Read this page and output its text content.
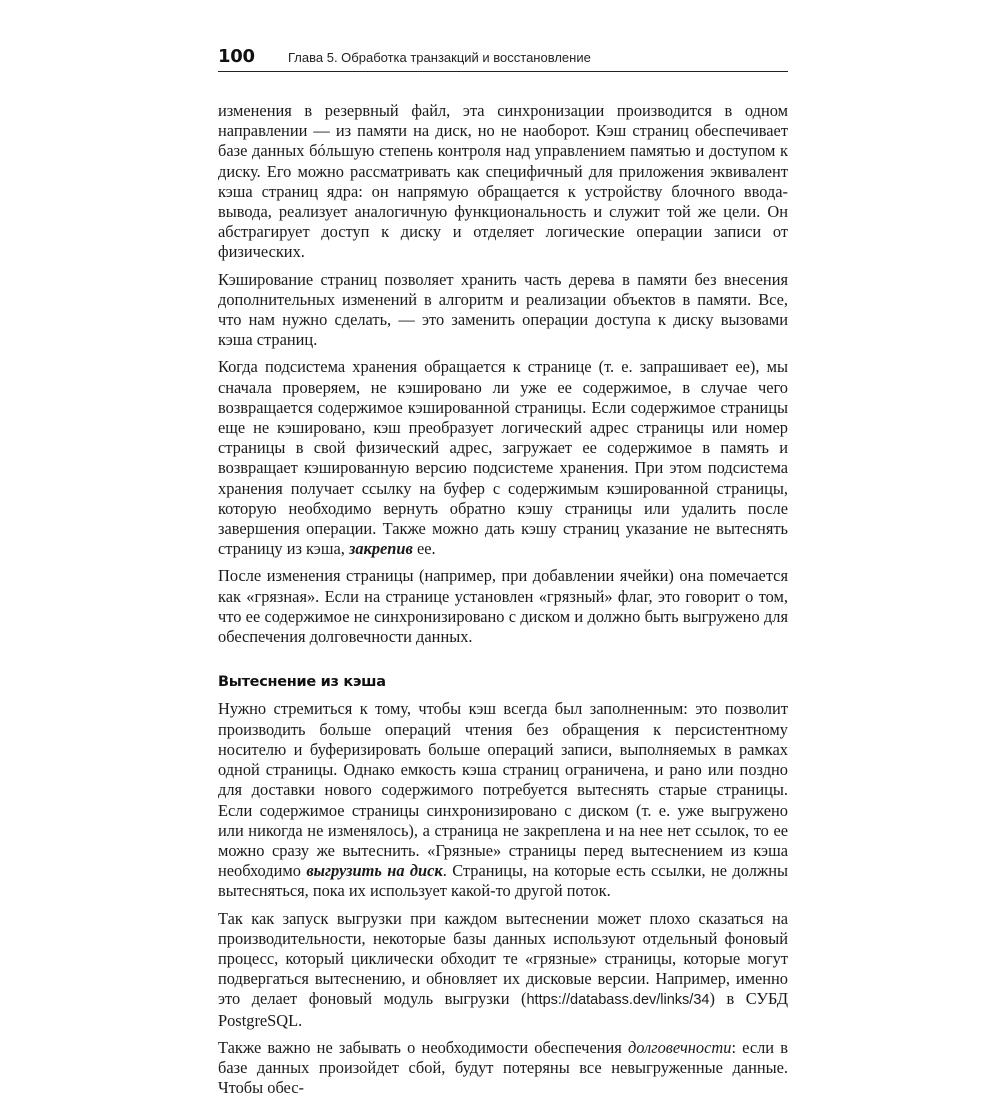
100	Глава 5. Обработка транзакций и восстановление

изменения в резервный файл, эта синхронизации производится в одном направлении — из памяти на диск, но не наоборот. Кэш страниц обеспечивает базе данных бóльшую степень контроля над управлением памятью и доступом к диску. Его можно рассматривать как специфичный для приложения эквивалент кэша страниц ядра: он напрямую обращается к устройству блочного ввода-вывода, реализует аналогичную функциональность и служит той же цели. Он абстрагирует доступ к диску и отделяет логические операции записи от физических.

Кэширование страниц позволяет хранить часть дерева в памяти без внесения дополнительных изменений в алгоритм и реализации объектов в памяти. Все, что нам нужно сделать, — это заменить операции доступа к диску вызовами кэша страниц.

Когда подсистема хранения обращается к странице (т. е. запрашивает ее), мы сначала проверяем, не кэшировано ли уже ее содержимое, в случае чего возвращается содержимое кэшированной страницы. Если содержимое страницы еще не кэшировано, кэш преобразует логический адрес страницы или номер страницы в свой физический адрес, загружает ее содержимое в память и возвращает кэшированную версию подсистеме хранения. При этом подсистема хранения получает ссылку на буфер с содержимым кэшированной страницы, которую необходимо вернуть обратно кэшу страницы или удалить после завершения операции. Также можно дать кэшу страниц указание не вытеснять страницу из кэша, закрепив ее.

После изменения страницы (например, при добавлении ячейки) она помечается как «грязная». Если на странице установлен «грязный» флаг, это говорит о том, что ее содержимое не синхронизировано с диском и должно быть выгружено для обеспечения долговечности данных.

Вытеснение из кэша

Нужно стремиться к тому, чтобы кэш всегда был заполненным: это позволит производить больше операций чтения без обращения к персистентному носителю и буферизировать больше операций записи, выполняемых в рамках одной страницы. Однако емкость кэша страниц ограничена, и рано или поздно для доставки нового содержимого потребуется вытеснять старые страницы. Если содержимое страницы синхронизировано с диском (т. е. уже выгружено или никогда не изменялось), а страница не закреплена и на нее нет ссылок, то ее можно сразу же вытеснить. «Грязные» страницы перед вытеснением из кэша необходимо выгрузить на диск. Страницы, на которые есть ссылки, не должны вытесняться, пока их использует какой-то другой поток.

Так как запуск выгрузки при каждом вытеснении может плохо сказаться на производительности, некоторые базы данных используют отдельный фоновый процесс, который циклически обходит те «грязные» страницы, которые могут подвергаться вытеснению, и обновляет их дисковые версии. Например, именно это делает фоновый модуль выгрузки (https://databass.dev/links/34) в СУБД PostgreSQL.

Также важно не забывать о необходимости обеспечения долговечности: если в базе данных произойдет сбой, будут потеряны все невыгруженные данные. Чтобы обес-
